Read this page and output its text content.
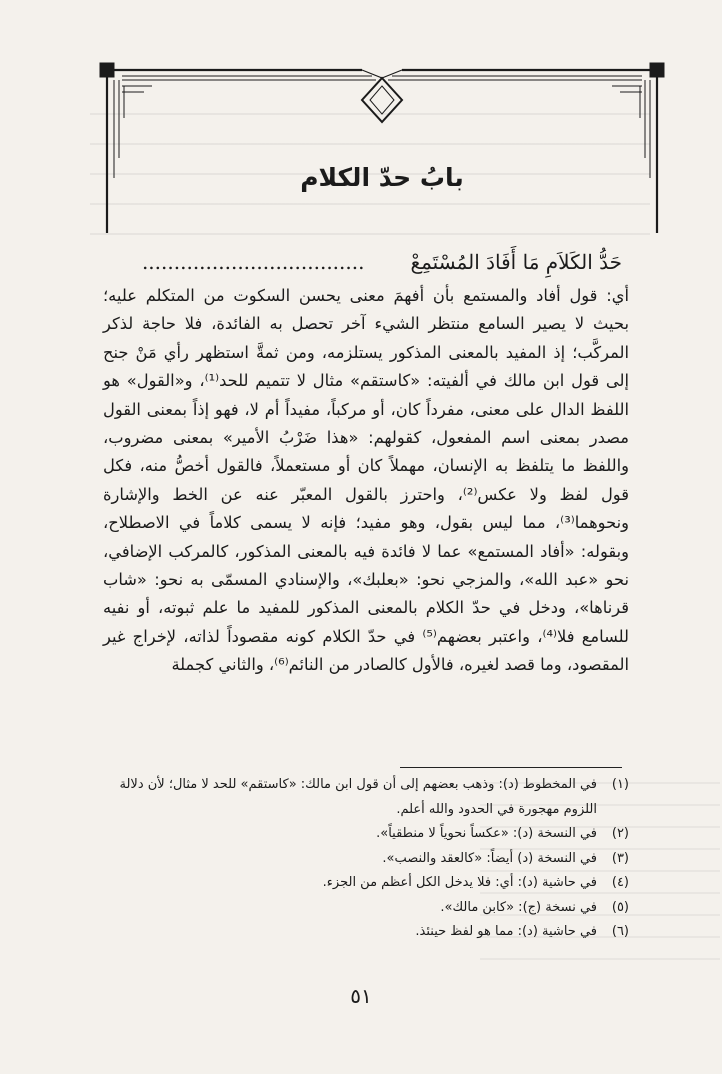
بابُ حدّ الكلام
حَدُّ الكَلاَمِ مَا أَفَادَ المُسْتَمِعْ...................................

أي: قول أفاد والمستمع بأن أفهمَ معنى يحسن السكوت من المتكلم عليه؛ بحيث لا يصير السامع منتظر الشيء آخر تحصل به الفائدة، فلا حاجة لذكر المركَّب؛ إذ المفيد بالمعنى المذكور يستلزمه، ومن ثمةَّ استظهر رأي مَنْ جنح إلى قول ابن مالك في ألفيته: «كاستقم» مثال لا تتميم للحد⁽¹⁾، و«القول» هو اللفظ الدال على معنى، مفرداً كان، أو مركباً، مفيداً أم لا، فهو إذاً بمعنى القول مصدر بمعنى اسم المفعول، كقولهم: «هذا ضَرْبُ الأمير» بمعنى مضروب، واللفظ ما يتلفظ به الإنسان، مهملاً كان أو مستعملاً، فالقول أخصُّ منه، فكل قول لفظ ولا عكس⁽²⁾، واحترز بالقول المعبّر عنه عن الخط والإشارة ونحوهما⁽³⁾، مما ليس بقول، وهو مفيد؛ فإنه لا يسمى كلاماً في الاصطلاح، وبقوله: «أفاد المستمع» عما لا فائدة فيه بالمعنى المذكور، كالمركب الإضافي، نحو «عبد الله»، والمزجي نحو: «بعلبك»، والإسنادي المسمّى به نحو: «شاب قرناها»، ودخل في حدّ الكلام بالمعنى المذكور للمفيد ما علم ثبوته، أو نفيه للسامع فلا⁽⁴⁾، واعتبر بعضهم⁽⁵⁾ في حدّ الكلام كونه مقصوداً لذاته، لإخراج غير المقصود، وما قصد لغيره، فالأول كالصادر من النائم⁽⁶⁾، والثاني كجملة

(١)
في المخطوط (د): وذهب بعضهم إلى أن قول ابن مالك: «كاستقم» للحد لا مثال؛ لأن دلالة اللزوم مهجورة في الحدود والله أعلم.
(٢)
في النسخة (د): «عكساً نحوياً لا منطقياً».
(٣)
في النسخة (د) أيضاً: «كالعقد والنصب».
(٤)
في حاشية (د): أي: فلا يدخل الكل أعظم من الجزء.
(٥)
في نسخة (ج): «كابن مالك».
(٦)
في حاشية (د): مما هو لفظ حينئذ.
٥١
